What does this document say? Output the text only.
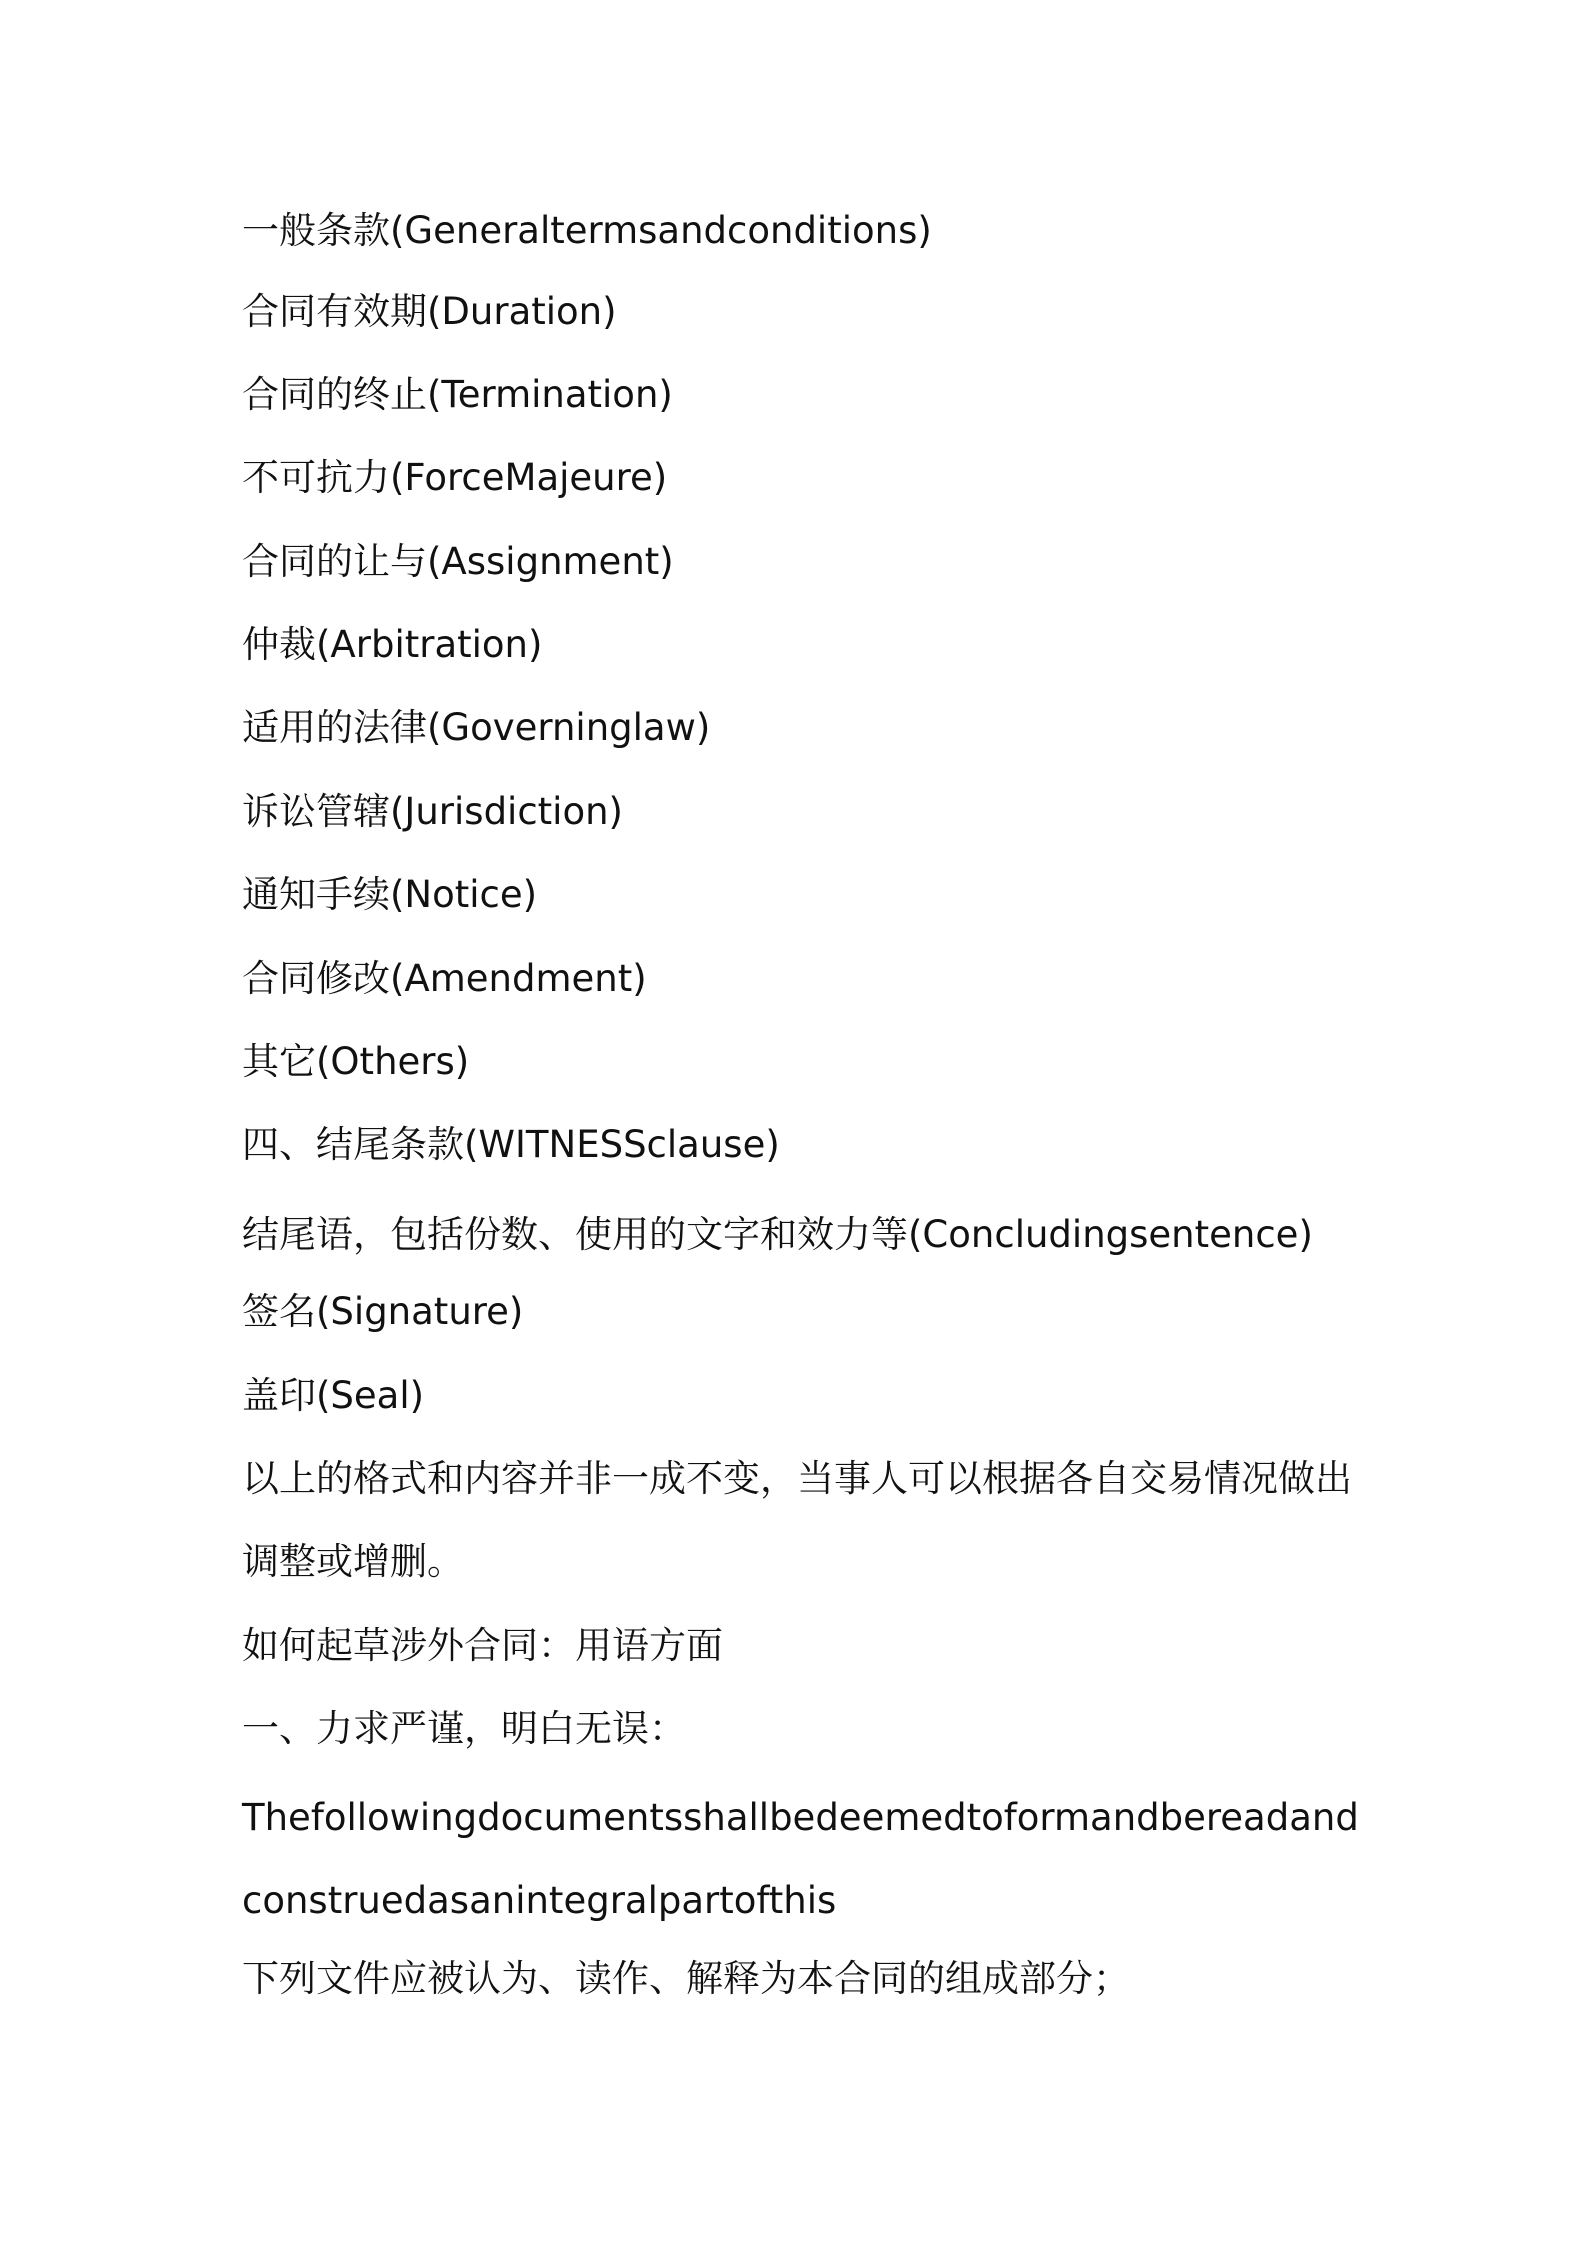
一般条款(Generaltermsandconditions)

合同有效期(Duration)

合同的终止(Termination)

不可抗力(ForceMajeure)

合同的让与(Assignment)

仲裁(Arbitration)

适用的法律(Governinglaw)

诉讼管辖(Jurisdiction)

通知手续(Notice)

合同修改(Amendment)

其它(Others)

四、结尾条款(WITNESSclause)

结尾语，包括份数、使用的文字和效力等(Concludingsentence)

签名(Signature)

盖印(Seal)

以上的格式和内容并非一成不变，当事人可以根据各自交易情况做出

调整或增删。

如何起草涉外合同：用语方面

一、力求严谨，明白无误：

Thefollowingdocumentsshallbedeemedtoformandbereadand

construedasanintegralpartofthis

下列文件应被认为、读作、解释为本合同的组成部分；
